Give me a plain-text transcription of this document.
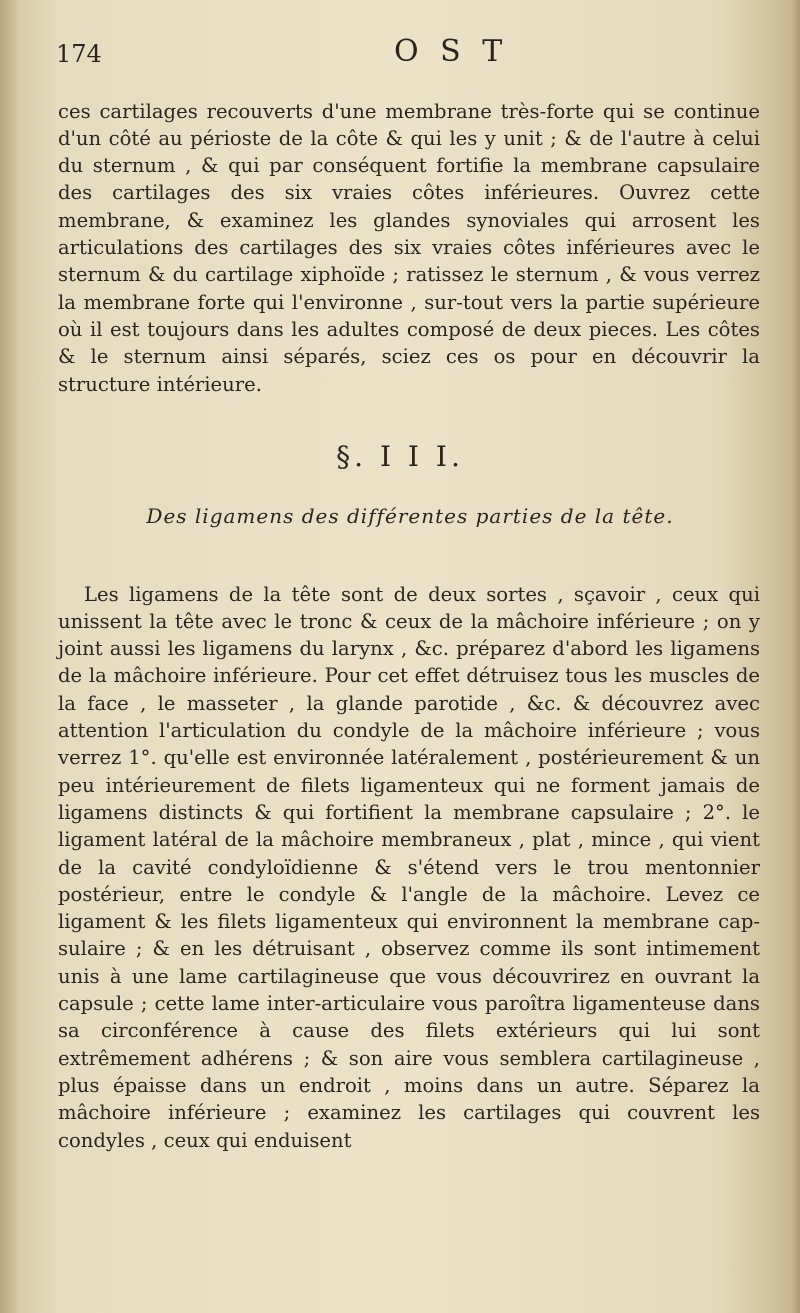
174	O S T

ces cartilages recouverts d'une membrane très-forte qui se continue d'un côté au périoste de la côte & qui les y unit ; & de l'autre à celui du sternum , & qui par conséquent fortifie la membrane capsulaire des cartilages des six vraies côtes inférieures. Ouvrez cette membrane, & examinez les glandes synoviales qui arrosent les articulations des cartilages des six vraies côtes inférieures avec le sternum & du cartilage xiphoïde ; ratissez le sternum , & vous verrez la membrane forte qui l'environne , sur-tout vers la partie supérieure où il est toujours dans les adultes composé de deux pieces. Les côtes & le sternum ainsi séparés, sciez ces os pour en découvrir la structure intérieure.

§. I I I.
Des ligamens des différentes parties de la tête.

Les ligamens de la tête sont de deux sortes , sçavoir , ceux qui unissent la tête avec le tronc & ceux de la mâchoire inférieure ; on y joint aussi les ligamens du larynx , &c. préparez d'abord les ligamens de la mâchoire inférieure. Pour cet effet détruisez tous les muscles de la face , le masseter , la glande parotide , &c. & découvrez avec attention l'articulation du condyle de la mâchoire inférieure ; vous verrez 1°. qu'elle est environnée latéralement , postérieurement & un peu intérieurement de filets ligamenteux qui ne forment jamais de ligamens distincts & qui fortifient la membrane capsulaire ; 2°. le ligament latéral de la mâchoire membraneux , plat , mince , qui vient de la cavité condyloïdienne & s'étend vers le trou mentonnier postérieur, entre le condyle & l'angle de la mâchoire. Levez ce ligament & les filets ligamenteux qui environnent la membrane capsulaire ; & en les détruisant , observez comme ils sont intimement unis à une lame cartilagineuse que vous découvrirez en ouvrant la capsule ; cette lame inter-articulaire vous paroîtra ligamenteuse dans sa circonférence à cause des filets extérieurs qui lui sont extrêmement adhérens ; & son aire vous semblera cartilagineuse , plus épaisse dans un endroit , moins dans un autre. Séparez la mâchoire inférieure ; examinez les cartilages qui couvrent les condyles , ceux qui enduisent
